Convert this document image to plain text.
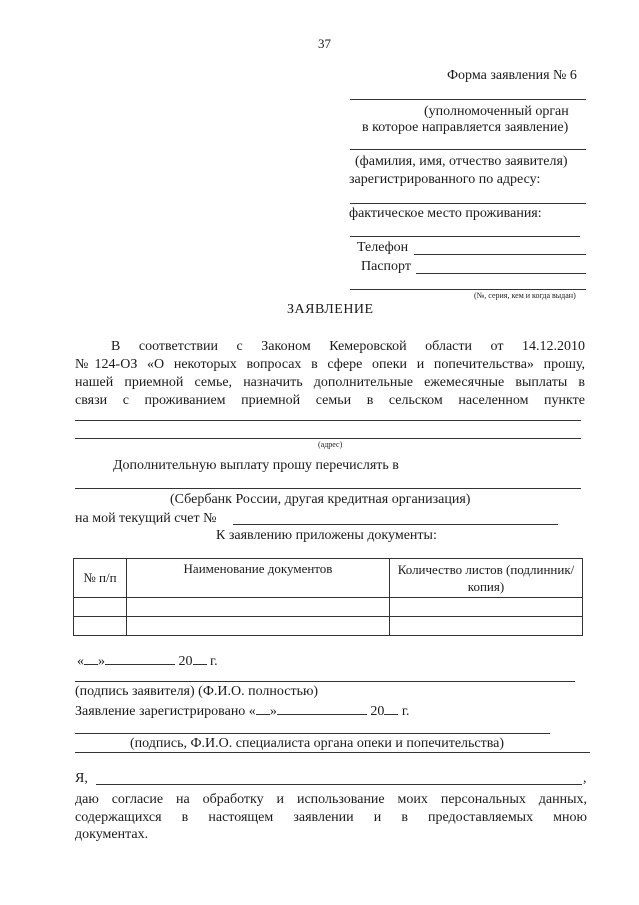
37
Форма заявления № 6
(уполномоченный орган
в которое направляется заявление)
(фамилия, имя, отчество заявителя)
зарегистрированного по адресу:
фактическое место проживания:
Телефон
Паспорт
(№, серия, кем и когда выдан)
ЗАЯВЛЕНИЕ
В соответствии с Законом Кемеровской области от 14.12.2010
№124-ОЗ «О некоторых вопросах в сфере опеки и попечительства» прошу,
нашей приемной семье, назначить дополнительные ежемесячные выплаты в
связи с проживанием приемной семьи в сельском населенном пункте
(адрес)
Дополнительную выплату прошу перечислять в
(Сбербанк России, другая кредитная организация)
на мой текущий счет №
К заявлению приложены документы:
№ п/п	Наименование документов	Количество листов (подлинник/ копия)

« »	20 г.
(подпись заявителя) (Ф.И.О. полностью)
Заявление зарегистрировано « »	20 г.
(подпись, Ф.И.О. специалиста органа опеки и попечительства)
Я,	,
даю согласие на обработку и использование моих персональных данных,
содержащихся в настоящем заявлении и в предоставляемых мною
документах.
